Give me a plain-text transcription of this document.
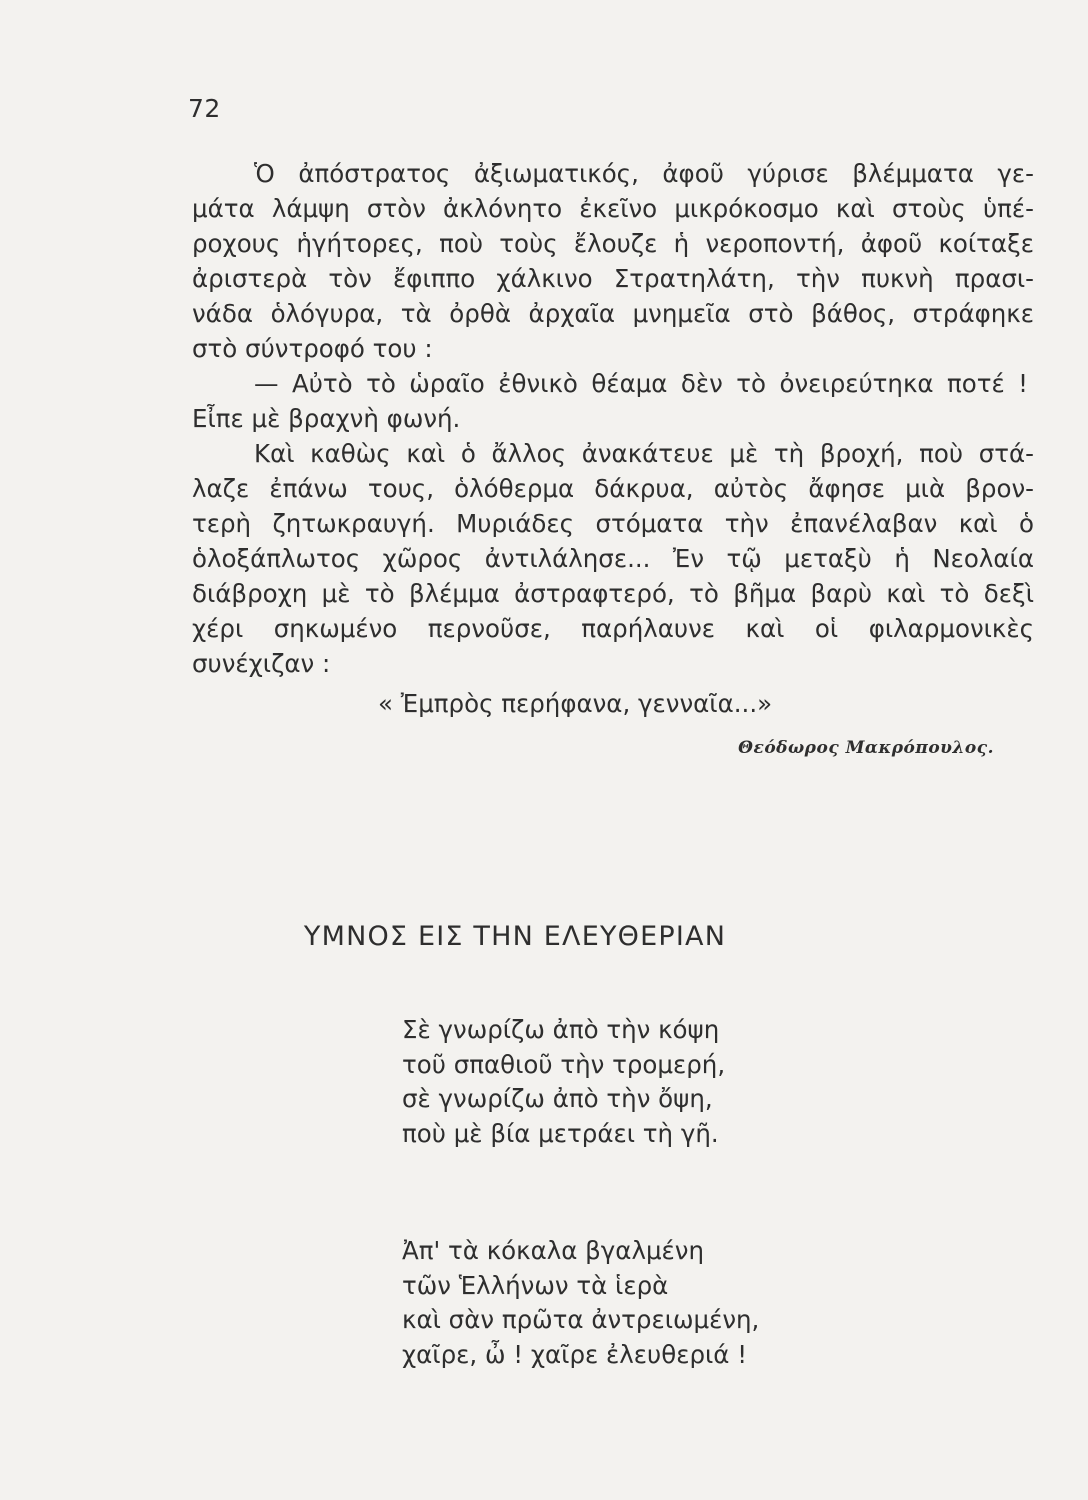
72
Ὁ ἀπόστρατος ἀξιωματικός, ἀφοῦ γύρισε βλέμματα γε-
μάτα λάμψη στὸν ἀκλόνητο ἐκεῖνο μικρόκοσμο καὶ στοὺς ὑπέ-
ροχους ἡγήτορες, ποὺ τοὺς ἔλουζε ἡ νεροποντή, ἀφοῦ κοίταξε
ἀριστερὰ τὸν ἔφιππο χάλκινο Στρατηλάτη, τὴν πυκνὴ πρασι-
νάδα ὁλόγυρα, τὰ ὀρθὰ ἀρχαῖα μνημεῖα στὸ βάθος, στράφηκε
στὸ σύντροφό του :
— Αὐτὸ τὸ ὡραῖο ἐθνικὸ θέαμα δὲν τὸ ὀνειρεύτηκα ποτέ !
Εἶπε μὲ βραχνὴ φωνή.
Καὶ καθὼς καὶ ὁ ἄλλος ἀνακάτευε μὲ τὴ βροχή, ποὺ στά-
λαζε ἐπάνω τους, ὁλόθερμα δάκρυα, αὐτὸς ἄφησε μιὰ βρον-
τερὴ ζητωκραυγή. Μυριάδες στόματα τὴν ἐπανέλαβαν καὶ ὁ
ὁλοξάπλωτος χῶρος ἀντιλάλησε... Ἐν τῷ μεταξὺ ἡ Νεολαία
διάβροχη μὲ τὸ βλέμμα ἀστραφτερό, τὸ βῆμα βαρὺ καὶ τὸ δεξὶ
χέρι σηκωμένο περνοῦσε, παρήλαυνε καὶ οἱ φιλαρμονικὲς
συνέχιζαν :
« Ἐμπρὸς περήφανα, γενναῖα...»
Θεόδωρος Μακρόπουλος.
ΥΜΝΟΣ ΕΙΣ ΤΗΝ ΕΛΕΥΘΕΡΙΑΝ
Σὲ γνωρίζω ἀπὸ τὴν κόψη
τοῦ σπαθιοῦ τὴν τρομερή,
σὲ γνωρίζω ἀπὸ τὴν ὄψη,
ποὺ μὲ βία μετράει τὴ γῆ.
Ἀπ' τὰ κόκαλα βγαλμένη
τῶν Ἑλλήνων τὰ ἱερὰ
καὶ σὰν πρῶτα ἀντρειωμένη,
χαῖρε, ὦ ! χαῖρε ἐλευθεριά !
